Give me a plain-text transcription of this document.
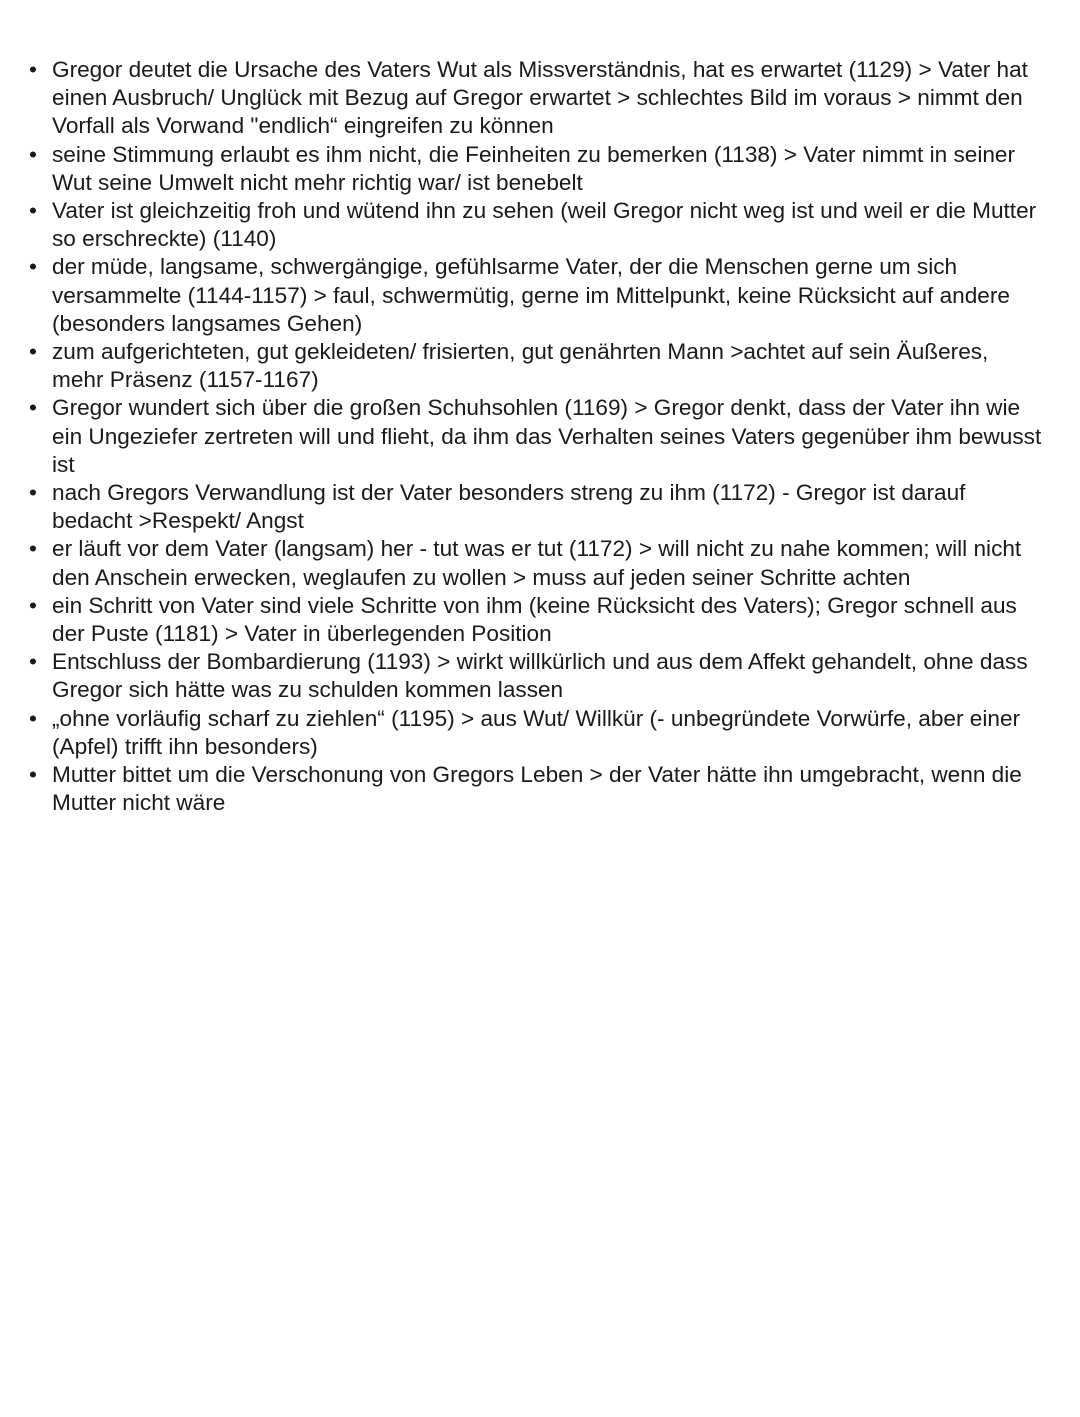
• Gregor deutet die Ursache des Vaters Wut als Missverständnis, hat es erwartet (1129) > Vater hat einen Ausbruch/ Unglück mit Bezug auf Gregor erwartet > schlechtes Bild im voraus > nimmt den Vorfall als Vorwand "endlich“ eingreifen zu können
• seine Stimmung erlaubt es ihm nicht, die Feinheiten zu bemerken (1138) > Vater nimmt in seiner Wut seine Umwelt nicht mehr richtig war/ ist benebelt
• Vater ist gleichzeitig froh und wütend ihn zu sehen (weil Gregor nicht weg ist und weil er die Mutter so erschreckte) (1140)
• der müde, langsame, schwergängige, gefühlsarme Vater, der die Menschen gerne um sich versammelte (1144-1157) > faul, schwermütig, gerne im Mittelpunkt, keine Rücksicht auf andere (besonders langsames Gehen)
• zum aufgerichteten, gut gekleideten/ frisierten, gut genährten Mann >achtet auf sein Äußeres, mehr Präsenz (1157-1167)
• Gregor wundert sich über die großen Schuhsohlen (1169) > Gregor denkt, dass der Vater ihn wie ein Ungeziefer zertreten will und flieht, da ihm das Verhalten seines Vaters gegenüber ihm bewusst ist
• nach Gregors Verwandlung ist der Vater besonders streng zu ihm (1172) - Gregor ist darauf bedacht >Respekt/ Angst
• er läuft vor dem Vater (langsam) her - tut was er tut (1172) > will nicht zu nahe kommen; will nicht den Anschein erwecken, weglaufen zu wollen > muss auf jeden seiner Schritte achten
• ein Schritt von Vater sind viele Schritte von ihm (keine Rücksicht des Vaters); Gregor schnell aus der Puste (1181) > Vater in überlegenden Position
• Entschluss der Bombardierung (1193) > wirkt willkürlich und aus dem Affekt gehandelt, ohne dass Gregor sich hätte was zu schulden kommen lassen
• „ohne vorläufig scharf zu ziehlen“ (1195) > aus Wut/ Willkür (- unbegründete Vorwürfe, aber einer (Apfel) trifft ihn besonders)
• Mutter bittet um die Verschonung von Gregors Leben > der Vater hätte ihn umgebracht, wenn die Mutter nicht wäre
